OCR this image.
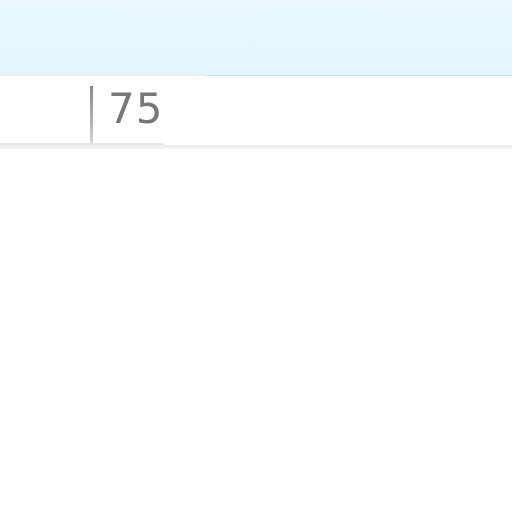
75
